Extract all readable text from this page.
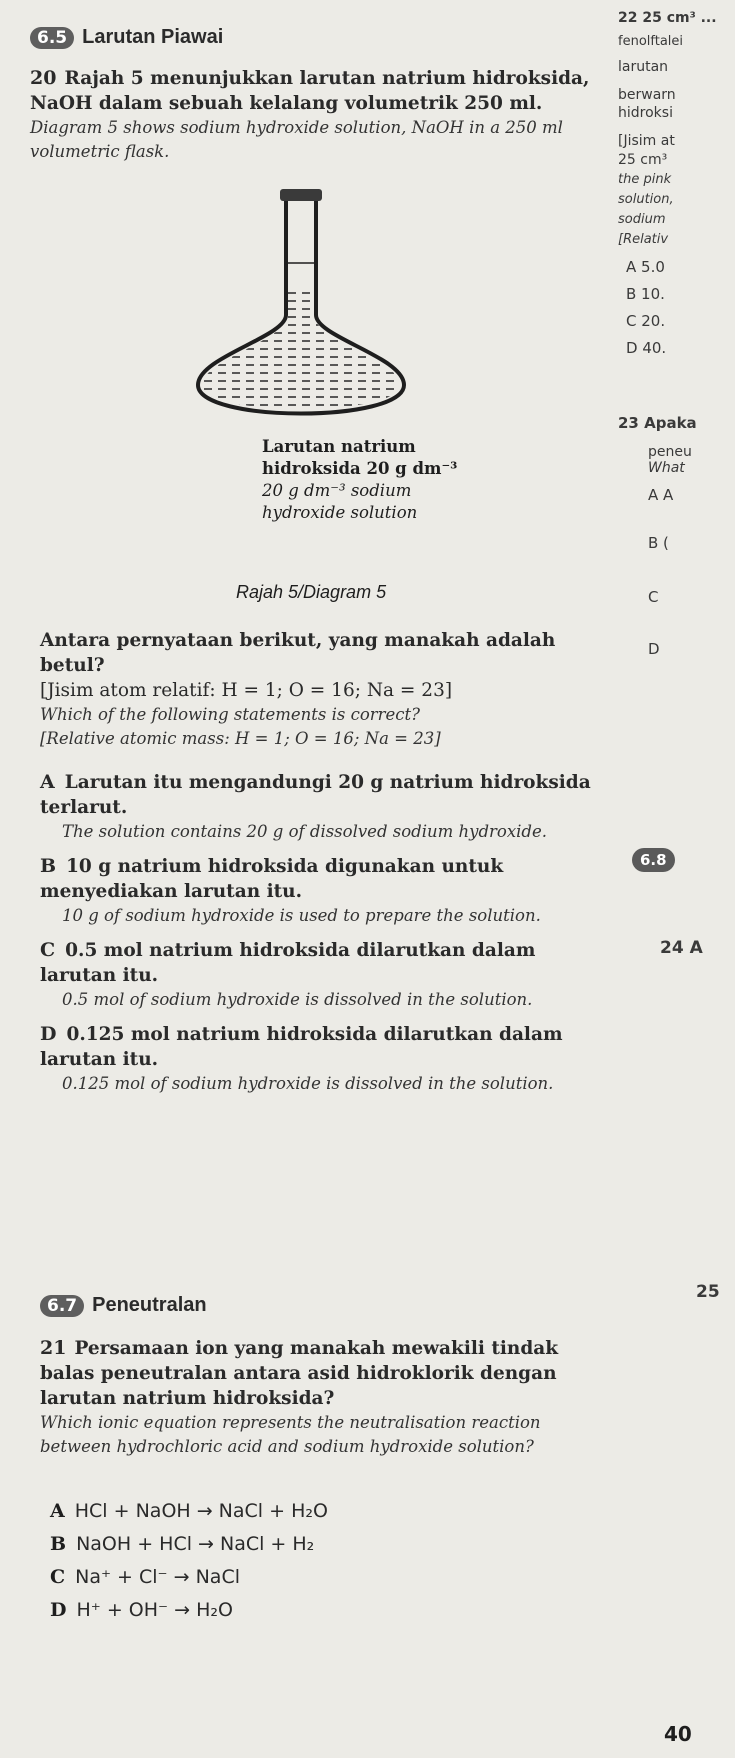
6.5 Larutan Piawai
20 Rajah 5 menunjukkan larutan natrium hidroksida, NaOH dalam sebuah kelalang volumetrik 250 ml.
Diagram 5 shows sodium hydroxide solution, NaOH in a 250 ml volumetric flask.
Larutan natrium
hidroksida 20 g dm⁻³
20 g dm⁻³ sodium
hydroxide solution
Rajah 5/Diagram 5
Antara pernyataan berikut, yang manakah adalah betul?
[Jisim atom relatif: H = 1; O = 16; Na = 23]
Which of the following statements is correct?
[Relative atomic mass: H = 1; O = 16; Na = 23]
A Larutan itu mengandungi 20 g natrium hidroksida terlarut.
The solution contains 20 g of dissolved sodium hydroxide.
B 10 g natrium hidroksida digunakan untuk menyediakan larutan itu.
10 g of sodium hydroxide is used to prepare the solution.
C 0.5 mol natrium hidroksida dilarutkan dalam larutan itu.
0.5 mol of sodium hydroxide is dissolved in the solution.
D 0.125 mol natrium hidroksida dilarutkan dalam larutan itu.
0.125 mol of sodium hydroxide is dissolved in the solution.
6.7 Peneutralan
21 Persamaan ion yang manakah mewakili tindak balas peneutralan antara asid hidroklorik dengan larutan natrium hidroksida?
Which ionic equation represents the neutralisation reaction between hydrochloric acid and sodium hydroxide solution?
A HCl + NaOH → NaCl + H₂O
B NaOH + HCl → NaCl + H₂
C Na⁺ + Cl⁻ → NaCl
D H⁺ + OH⁻ → H₂O
40
22 25 cm³ ...
fenolftalei
larutan
berwarn
hidroksi
[Jisim at
25 cm³
the pink
solution,
sodium
[Relativ
A 5.0
B 10.
C 20.
D 40.
23 Apaka
peneu
What
A A
B (
C
D
6.8
24 A
25
